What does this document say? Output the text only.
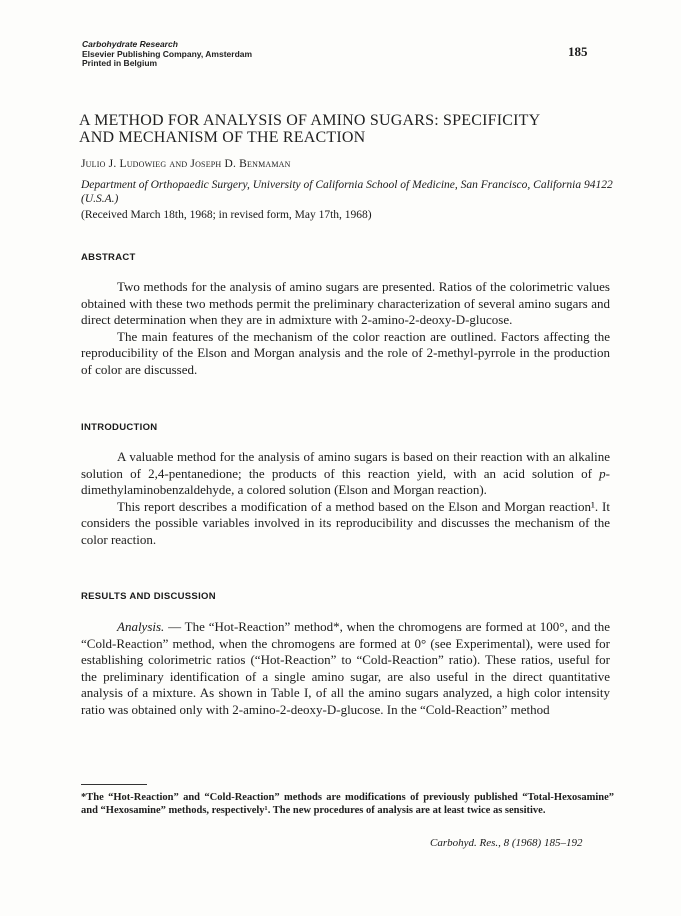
Carbohydrate Research
Elsevier Publishing Company, Amsterdam
Printed in Belgium
185
A METHOD FOR ANALYSIS OF AMINO SUGARS: SPECIFICITY
AND MECHANISM OF THE REACTION
Julio J. Ludowieg and Joseph D. Benmaman
Department of Orthopaedic Surgery, University of California School of Medicine, San Francisco, California 94122 (U.S.A.)
(Received March 18th, 1968; in revised form, May 17th, 1968)
ABSTRACT

Two methods for the analysis of amino sugars are presented. Ratios of the colorimetric values obtained with these two methods permit the preliminary characterization of several amino sugars and direct determination when they are in admixture with 2-amino-2-deoxy-D-glucose.

The main features of the mechanism of the color reaction are outlined. Factors affecting the reproducibility of the Elson and Morgan analysis and the role of 2-methyl-pyrrole in the production of color are discussed.

INTRODUCTION

A valuable method for the analysis of amino sugars is based on their reaction with an alkaline solution of 2,4-pentanedione; the products of this reaction yield, with an acid solution of p-dimethylaminobenzaldehyde, a colored solution (Elson and Morgan reaction).

This report describes a modification of a method based on the Elson and Morgan reaction¹. It considers the possible variables involved in its reproducibility and discusses the mechanism of the color reaction.

RESULTS AND DISCUSSION

Analysis. — The “Hot-Reaction” method*, when the chromogens are formed at 100°, and the “Cold-Reaction” method, when the chromogens are formed at 0° (see Experimental), were used for establishing colorimetric ratios (“Hot-Reaction” to “Cold-Reaction” ratio). These ratios, useful for the preliminary identification of a single amino sugar, are also useful in the direct quantitative analysis of a mixture. As shown in Table I, of all the amino sugars analyzed, a high color intensity ratio was obtained only with 2-amino-2-deoxy-D-glucose. In the “Cold-Reaction” method

*The “Hot-Reaction” and “Cold-Reaction” methods are modifications of previously published “Total-Hexosamine” and “Hexosamine” methods, respectively¹. The new procedures of analysis are at least twice as sensitive.
Carbohyd. Res., 8 (1968) 185–192
